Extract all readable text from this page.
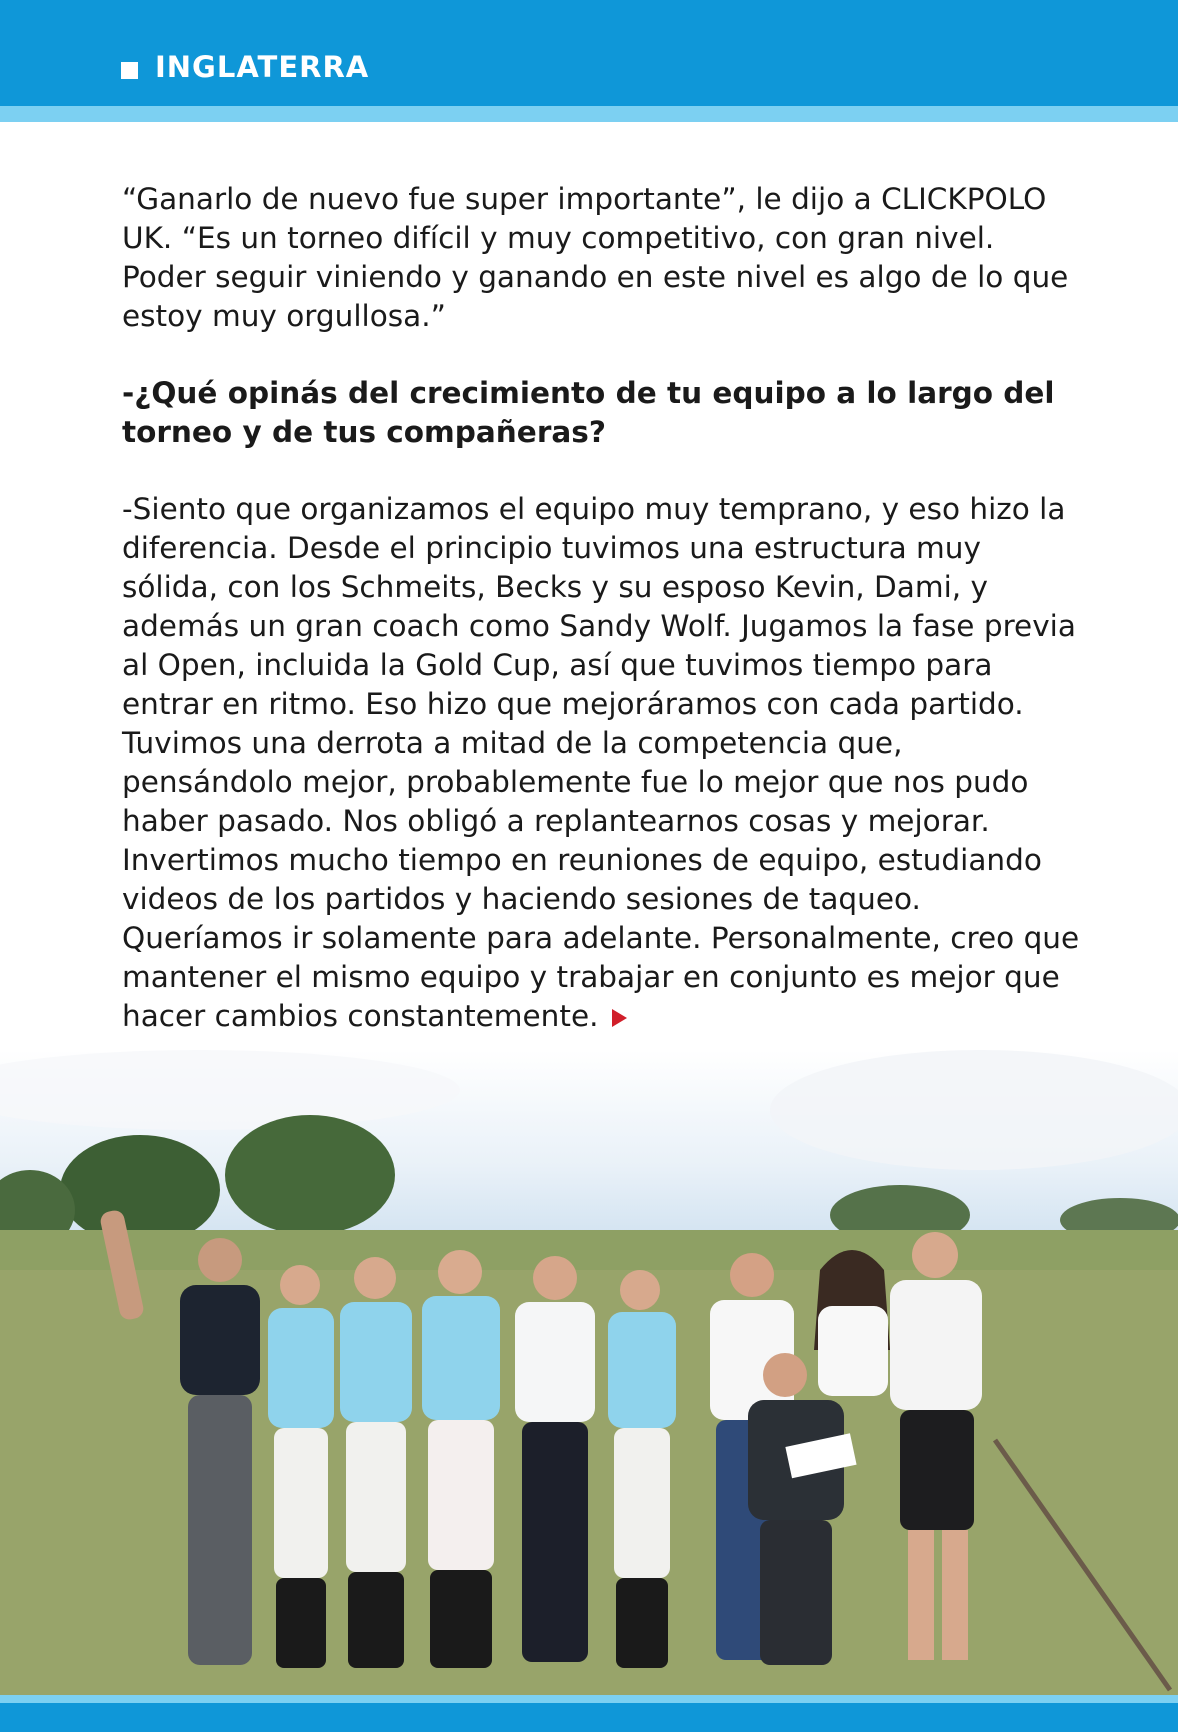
INGLATERRA

“Ganarlo de nuevo fue super importante”, le dijo a CLICKPOLO UK. “Es un torneo difícil y muy competitivo, con gran nivel. Poder seguir viniendo y ganando en este nivel es algo de lo que estoy muy orgullosa.”

-¿Qué opinás del crecimiento de tu equipo a lo largo del torneo y de tus compañeras?

-Siento que organizamos el equipo muy temprano, y eso hizo la diferencia. Desde el principio tuvimos una estructura muy sólida, con los Schmeits, Becks y su esposo Kevin, Dami, y además un gran coach como Sandy Wolf. Jugamos la fase previa al Open, incluida la Gold Cup, así que tuvimos tiempo para entrar en ritmo. Eso hizo que mejoráramos con cada partido. Tuvimos una derrota a mitad de la competencia que, pensándolo mejor, probablemente fue lo mejor que nos pudo haber pasado. Nos obligó a replantearnos cosas y mejorar. Invertimos mucho tiempo en reuniones de equipo, estudiando videos de los partidos y haciendo sesiones de taqueo. Queríamos ir solamente para adelante. Personalmente, creo que mantener el mismo equipo y trabajar en conjunto es mejor que hacer cambios constantemente.
